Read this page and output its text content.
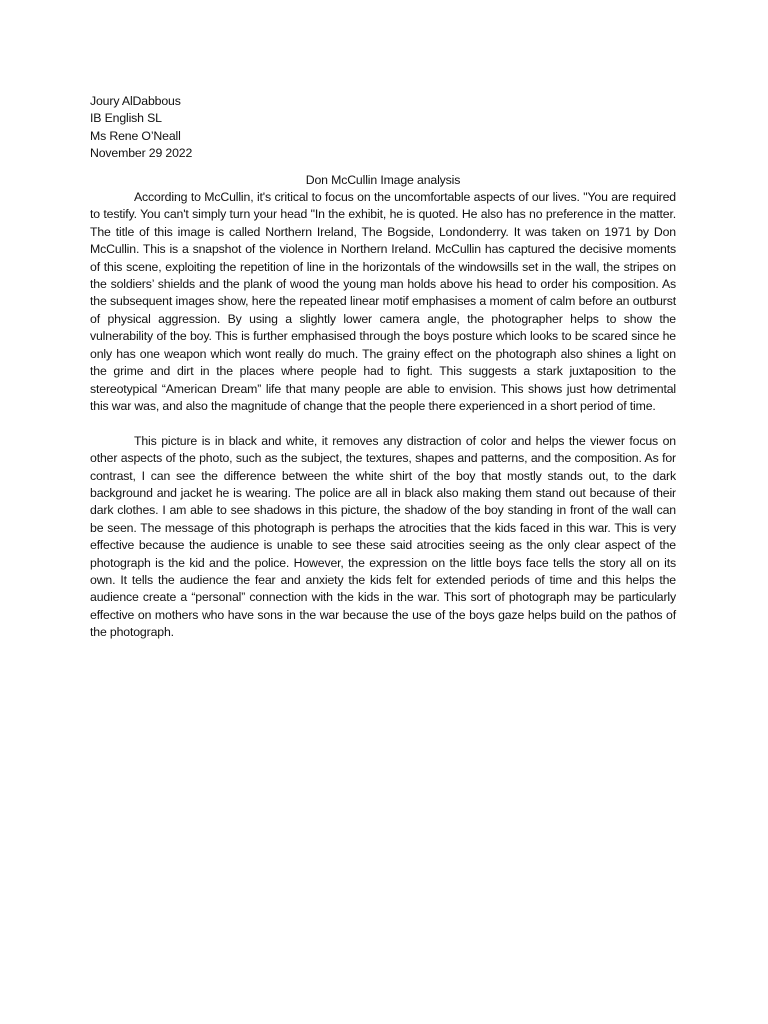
Joury AlDabbous
IB English SL
Ms Rene O’Neall
November 29 2022
Don McCullin Image analysis

According to McCullin, it's critical to focus on the uncomfortable aspects of our lives. "You are required to testify. You can't simply turn your head "In the exhibit, he is quoted. He also has no preference in the matter. The title of this image is called Northern Ireland, The Bogside, Londonderry. It was taken on 1971 by Don McCullin. This is a snapshot of the violence in Northern Ireland. McCullin has captured the decisive moments of this scene, exploiting the repetition of line in the horizontals of the windowsills set in the wall, the stripes on the soldiers’ shields and the plank of wood the young man holds above his head to order his composition. As the subsequent images show, here the repeated linear motif emphasises a moment of calm before an outburst of physical aggression. By using a slightly lower camera angle, the photographer helps to show the vulnerability of the boy. This is further emphasised through the boys posture which looks to be scared since he only has one weapon which wont really do much. The grainy effect on the photograph also shines a light on the grime and dirt in the places where people had to fight. This suggests a stark juxtaposition to the stereotypical “American Dream” life that many people are able to envision. This shows just how detrimental this war was, and also the magnitude of change that the people there experienced in a short period of time.

This picture is in black and white, it removes any distraction of color and helps the viewer focus on other aspects of the photo, such as the subject, the textures, shapes and patterns, and the composition. As for contrast, I can see the difference between the white shirt of the boy that mostly stands out, to the dark background and jacket he is wearing. The police are all in black also making them stand out because of their dark clothes. I am able to see shadows in this picture, the shadow of the boy standing in front of the wall can be seen. The message of this photograph is perhaps the atrocities that the kids faced in this war. This is very effective because the audience is unable to see these said atrocities seeing as the only clear aspect of the photograph is the kid and the police. However, the expression on the little boys face tells the story all on its own. It tells the audience the fear and anxiety the kids felt for extended periods of time and this helps the audience create a “personal” connection with the kids in the war. This sort of photograph may be particularly effective on mothers who have sons in the war because the use of the boys gaze helps build on the pathos of the photograph.
